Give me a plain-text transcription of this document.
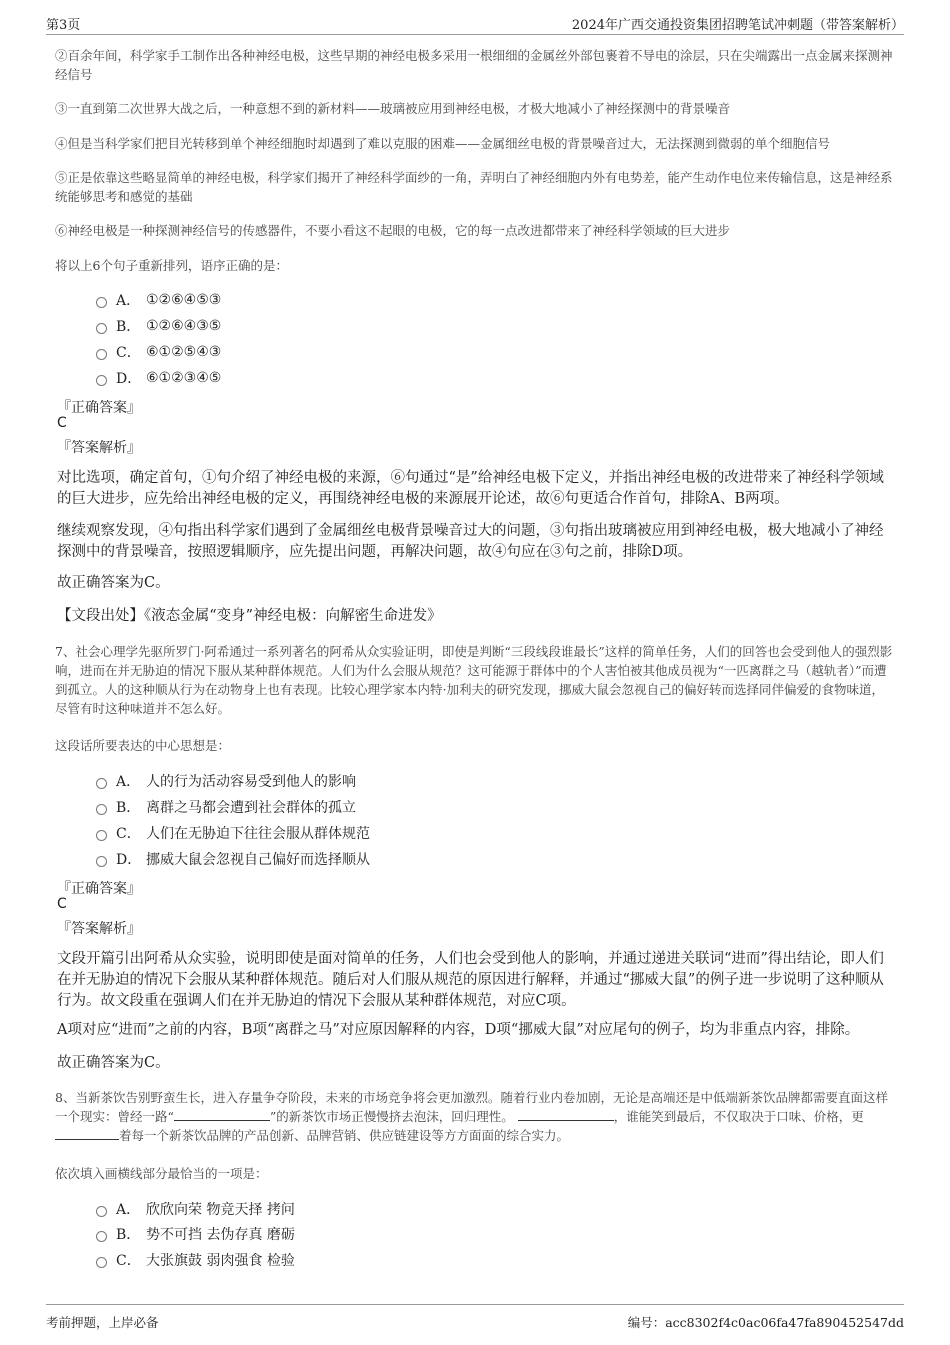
第3页	2024年广西交通投资集团招聘笔试冲刺题（带答案解析）
②百余年间，科学家手工制作出各种神经电极，这些早期的神经电极多采用一根细细的金属丝外部包裹着不导电的涂层，只在尖端露出一点金属来探测神经信号
③一直到第二次世界大战之后，一种意想不到的新材料——玻璃被应用到神经电极，才极大地减小了神经探测中的背景噪音
④但是当科学家们把目光转移到单个神经细胞时却遇到了难以克服的困难——金属细丝电极的背景噪音过大，无法探测到微弱的单个细胞信号
⑤正是依靠这些略显简单的神经电极，科学家们揭开了神经科学面纱的一角，弄明白了神经细胞内外有电势差，能产生动作电位来传输信息，这是神经系统能够思考和感觉的基础
⑥神经电极是一种探测神经信号的传感器件，不要小看这不起眼的电极，它的每一点改进都带来了神经科学领域的巨大进步
将以上6个句子重新排列，语序正确的是：
A． ①②⑥④⑤③
B． ①②⑥④③⑤
C． ⑥①②⑤④③
D． ⑥①②③④⑤
『正确答案』
C
『答案解析』
对比选项，确定首句，①句介绍了神经电极的来源，⑥句通过“是”给神经电极下定义，并指出神经电极的改进带来了神经科学领域的巨大进步，应先给出神经电极的定义，再围绕神经电极的来源展开论述，故⑥句更适合作首句，排除A、B两项。
继续观察发现，④句指出科学家们遇到了金属细丝电极背景噪音过大的问题，③句指出玻璃被应用到神经电极，极大地减小了神经探测中的背景噪音，按照逻辑顺序，应先提出问题，再解决问题，故④句应在③句之前，排除D项。
故正确答案为C。
【文段出处】《液态金属“变身”神经电极：向解密生命进发》
7、社会心理学先驱所罗门·阿希通过一系列著名的阿希从众实验证明，即使是判断“三段线段谁最长”这样的简单任务，人们的回答也会受到他人的强烈影响，进而在并无胁迫的情况下服从某种群体规范。人们为什么会服从规范？这可能源于群体中的个人害怕被其他成员视为“一匹离群之马（越轨者）”而遭到孤立。人的这种顺从行为在动物身上也有表现。比较心理学家本内特·加利夫的研究发现，挪威大鼠会忽视自己的偏好转而选择同伴偏爱的食物味道，尽管有时这种味道并不怎么好。
这段话所要表达的中心思想是：
A． 人的行为活动容易受到他人的影响
B． 离群之马都会遭到社会群体的孤立
C． 人们在无胁迫下往往会服从群体规范
D． 挪威大鼠会忽视自己偏好而选择顺从
『正确答案』
C
『答案解析』
文段开篇引出阿希从众实验，说明即使是面对简单的任务，人们也会受到他人的影响，并通过递进关联词“进而”得出结论，即人们在并无胁迫的情况下会服从某种群体规范。随后对人们服从规范的原因进行解释，并通过“挪威大鼠”的例子进一步说明了这种顺从行为。故文段重在强调人们在并无胁迫的情况下会服从某种群体规范，对应C项。
A项对应“进而”之前的内容，B项“离群之马”对应原因解释的内容，D项“挪威大鼠”对应尾句的例子，均为非重点内容，排除。
故正确答案为C。
8、当新茶饮告别野蛮生长，进入存量争夺阶段，未来的市场竞争将会更加激烈。随着行业内卷加剧，无论是高端还是中低端新茶饮品牌都需要直面这样一个现实：曾经一路“	”的新茶饮市场正慢慢挤去泡沫，回归理性。	，谁能笑到最后，不仅取决于口味、价格，更着每一个新茶饮品牌的产品创新、品牌营销、供应链建设等方方面面的综合实力。
依次填入画横线部分最恰当的一项是：
A． 欣欣向荣 物竞天择 拷问
B． 势不可挡 去伪存真 磨砺
C． 大张旗鼓 弱肉强食 检验
考前押题，上岸必备	编号：acc8302f4c0ac06fa47fa890452547dd
